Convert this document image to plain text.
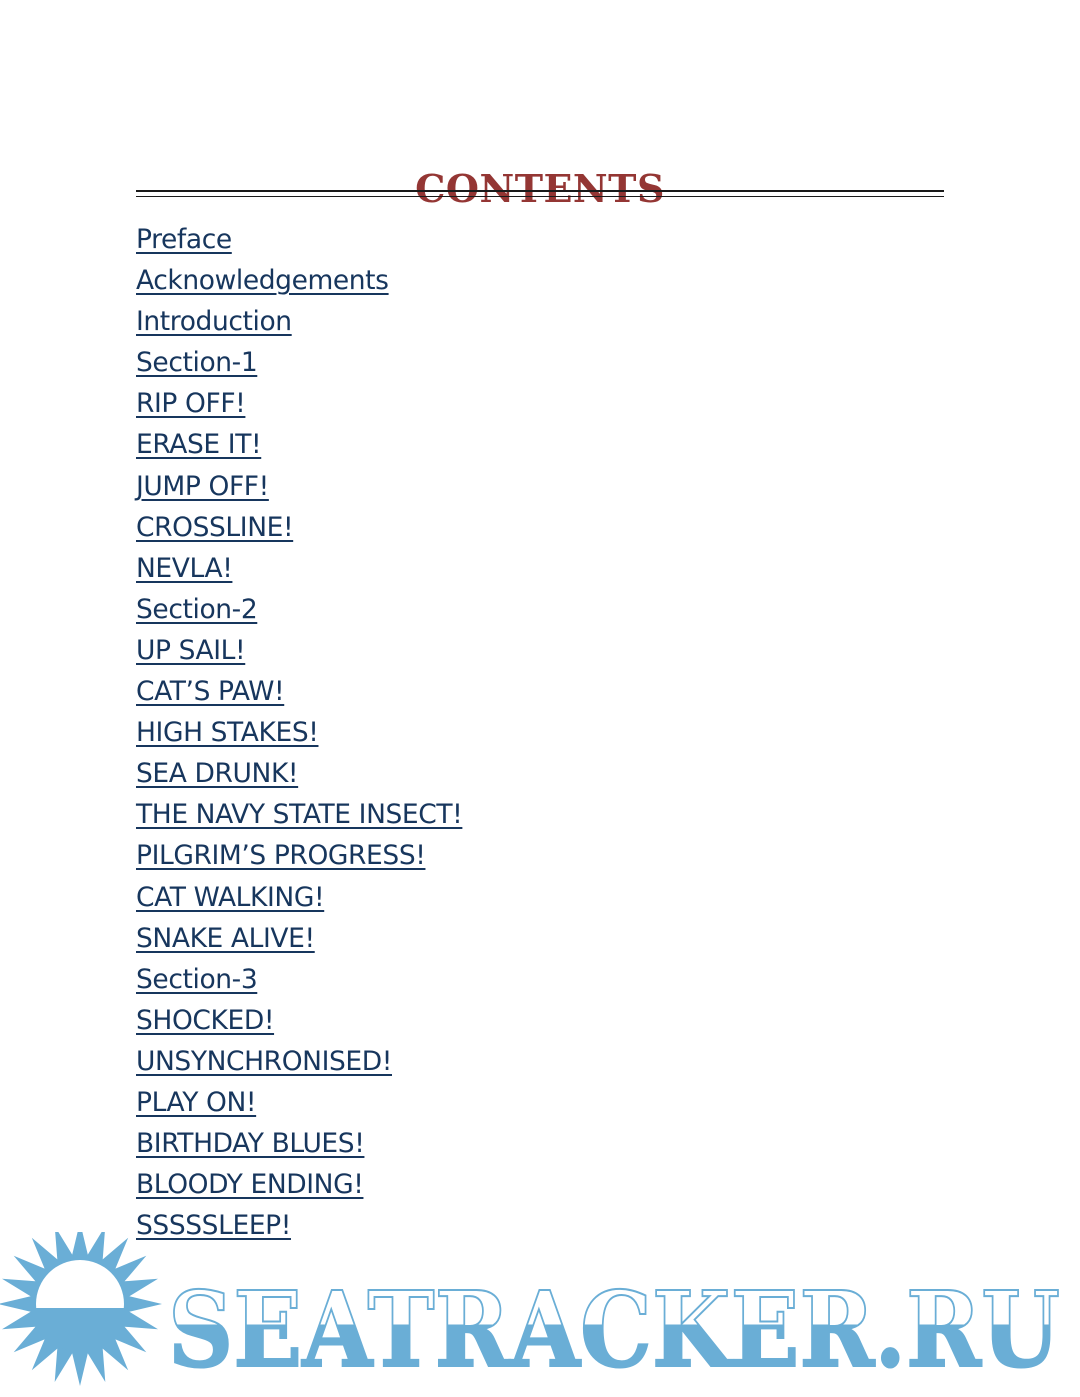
CONTENTS
Preface
Acknowledgements
Introduction
Section-1
RIP OFF!
ERASE IT!
JUMP OFF!
CROSSLINE!
NEVLA!
Section-2
UP SAIL!
CAT’S PAW!
HIGH STAKES!
SEA DRUNK!
THE NAVY STATE INSECT!
PILGRIM’S PROGRESS!
CAT WALKING!
SNAKE ALIVE!
Section-3
SHOCKED!
UNSYNCHRONISED!
PLAY ON!
BIRTHDAY BLUES!
BLOODY ENDING!
SSSSSLEEP!
SEATRACKER.RU
